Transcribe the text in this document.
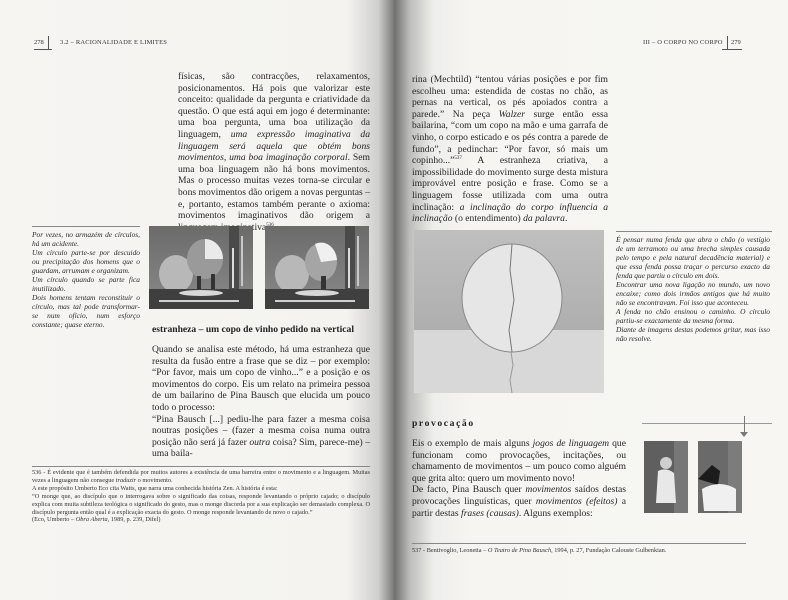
278	3.2 – RACIONALIDADE E LIMITES

físicas, são contracções, relaxamentos, posicionamentos. Há pois que valorizar este conceito: qualidade da pergunta e criatividade da questão. O que está aqui em jogo é determinante: uma boa pergunta, uma boa utilização da linguagem, uma expressão imaginativa da linguagem será aquela que obtém bons movimentos, uma boa imaginação corporal. Sem uma boa linguagem não há bons movimentos. Mas o processo muitas vezes torna-se circular e bons movimentos dão origem a novas perguntas – e, portanto, estamos também perante o axioma: movimentos imaginativos dão origem a

Por vezes, no armazém de círculos, há um acidente.

Um círculo parte-se por descuido ou precipitação dos homens que o guardam, arrumam e organizam.

Um círculo quando se parte fica inutilizado.

Dois homens tentam reconstituir o círculo, mas tal pode transformar-se num ofício, num esforço constante; quase eterno.	estranheza – um copo de vinho pedido na vertical

Quando se analisa este método, há uma estranheza que resulta da fusão entre a frase que se diz – por exemplo: “Por favor, mais um copo de vinho...” e a posição e os movimentos do corpo. Eis um relato na primeira pessoa de um bailarino de Pina Bausch que elucida um pouco todo o processo:

“Pina Bausch [...] pediu-lhe para fazer a mesma coisa noutras posições – (fazer a mesma coisa numa outra posição não será já fazer outra coisa? Sim, parece-me) – uma baila-

536 - É evidente que é também defendida por muitos autores a existência de uma barreira entre o movimento e a linguagem. Muitas vezes a linguagem não consegue traduzir o movimento.

A este propósito Umberto Eco cita Watts, que narra uma conhecida história Zen. A história é esta:

“O monge que, ao discípulo que o interrogava sobre o significado das coisas, responde levantando o próprio cajado; o discípulo explica com muita subtileza teológica o significado do gesto, mas o monge discorda por a sua explicação ser demasiado complexa. O discípulo pergunta então qual é a explicação exacta do gesto. O monge responde levantando de novo o cajado.”

(Eco, Umberto – Obra Aberta, 1989, p. 239, Difel)

III – O CORPO NO CORPO 279

rina (Mechtild) “tentou várias posições e por fim escolheu uma: estendida de costas no chão, as pernas na vertical, os pés apoiados contra a parede.” Na peça Walzer surge então essa bailarina, “com um copo na mão e uma garrafa de vinho, o corpo esticado e os pés contra a parede de fundo”, a pedinchar: “Por favor, só mais um copinho...”$^{537}$ A estranheza criativa, a impossibilidade do movimento surge desta mistura improvável entre posição e frase. Como se a linguagem fosse utilizada com uma outra inclinação: a inclinação do corpo influencia a inclinação (o entendimento) da palavra.

É pensar numa fenda que abra o chão (o vestígio de um terramoto ou uma brecha simples causada pelo tempo e pela natural decadência material) e que essa fenda possa traçar o percurso exacto da fenda que partiu o círculo em dois.

Encontrar uma nova ligação no mundo, um novo encaixe; como dois irmãos antigos que há muito não se encontravam. Foi isso que aconteceu.

A fenda no chão ensinou o caminho. O círculo partiu-se exactamente da mesma forma.

Diante de imagens destas podemos gritar, mas isso não resolve.

provocação

Eis o exemplo de mais alguns jogos de linguagem que funcionam como provocações, incitações, ou chamamento de movimentos – um pouco como alguém que grita alto: quero um movimento novo!

De facto, Pina Bausch quer movimentos saídos destas provocações linguísticas, quer movimentos (efeitos) a partir destas frases (causas). Alguns exemplos:

537 - Bentivoglio, Leonetta – O Teatro de Pina Bausch, 1994, p. 27, Fundação Calouste Gulbenkian.
